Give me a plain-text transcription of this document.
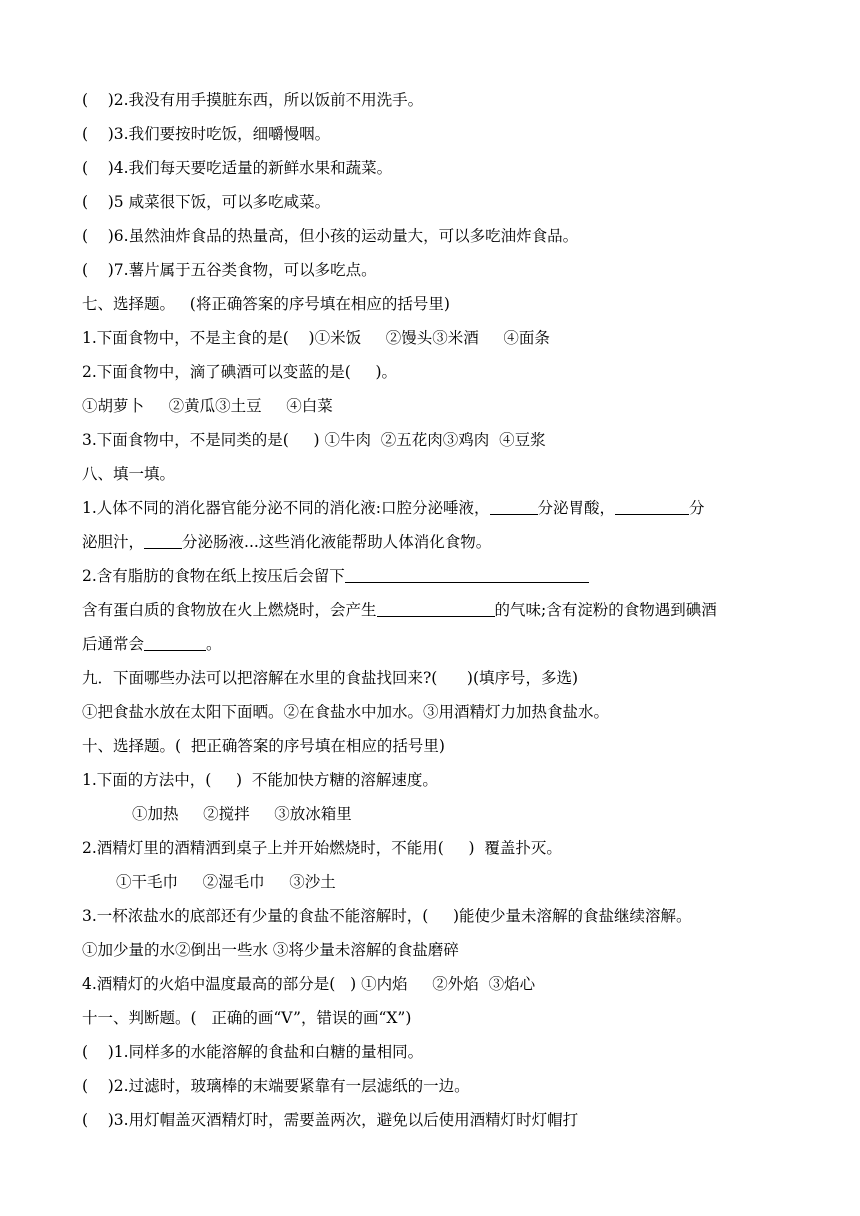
(    )2.我没有用手摸脏东西，所以饭前不用洗手。
(    )3.我们要按时吃饭，细嚼慢咽。
(    )4.我们每天要吃适量的新鲜水果和蔬菜。
(    )5 咸菜很下饭，可以多吃咸菜。
(    )6.虽然油炸食品的热量高，但小孩的运动量大，可以多吃油炸食品。
(    )7.薯片属于五谷类食物，可以多吃点。
七、选择题。   (将正确答案的序号填在相应的括号里)
1.下面食物中，不是主食的是(    )①米饭     ②馒头③米酒     ④面条
2.下面食物中，滴了碘酒可以变蓝的是(     )。
①胡萝卜     ②黄瓜③土豆     ④白菜
3.下面食物中，不是同类的是(     ) ①牛肉  ②五花肉③鸡肉  ④豆浆
八、填一填。
1.人体不同的消化器官能分泌不同的消化液:口腔分泌唾液，	分泌胃酸，	分
泌胆汁， 分泌肠液...这些消化液能帮助人体消化食物。
2.含有脂肪的食物在纸上按压后会留下
含有蛋白质的食物放在火上燃烧时，会产生	的气味;含有淀粉的食物遇到碘酒
后通常会	。
九．下面哪些办法可以把溶解在水里的食盐找回来?(      )(填序号，多选)
①把食盐水放在太阳下面晒。②在食盐水中加水。③用酒精灯力加热食盐水。
十、选择题。(  把正确答案的序号填在相应的括号里)
1.下面的方法中，(     )  不能加快方糖的溶解速度。
①加热     ②搅拌     ③放冰箱里
2.酒精灯里的酒精洒到桌子上并开始燃烧时，不能用(     )  覆盖扑灭。
①干毛巾     ②湿毛巾     ③沙土
3.一杯浓盐水的底部还有少量的食盐不能溶解时，(     )能使少量未溶解的食盐继续溶解。
①加少量的水②倒出一些水 ③将少量未溶解的食盐磨碎
4.酒精灯的火焰中温度最高的部分是(   ) ①内焰     ②外焰  ③焰心
十一、判断题。(   正确的画“V”，错误的画“X”)
(    )1.同样多的水能溶解的食盐和白糖的量相同。
(    )2.过滤时，玻璃棒的末端要紧靠有一层滤纸的一边。
(    )3.用灯帽盖灭酒精灯时，需要盖两次，避免以后使用酒精灯时灯帽打
